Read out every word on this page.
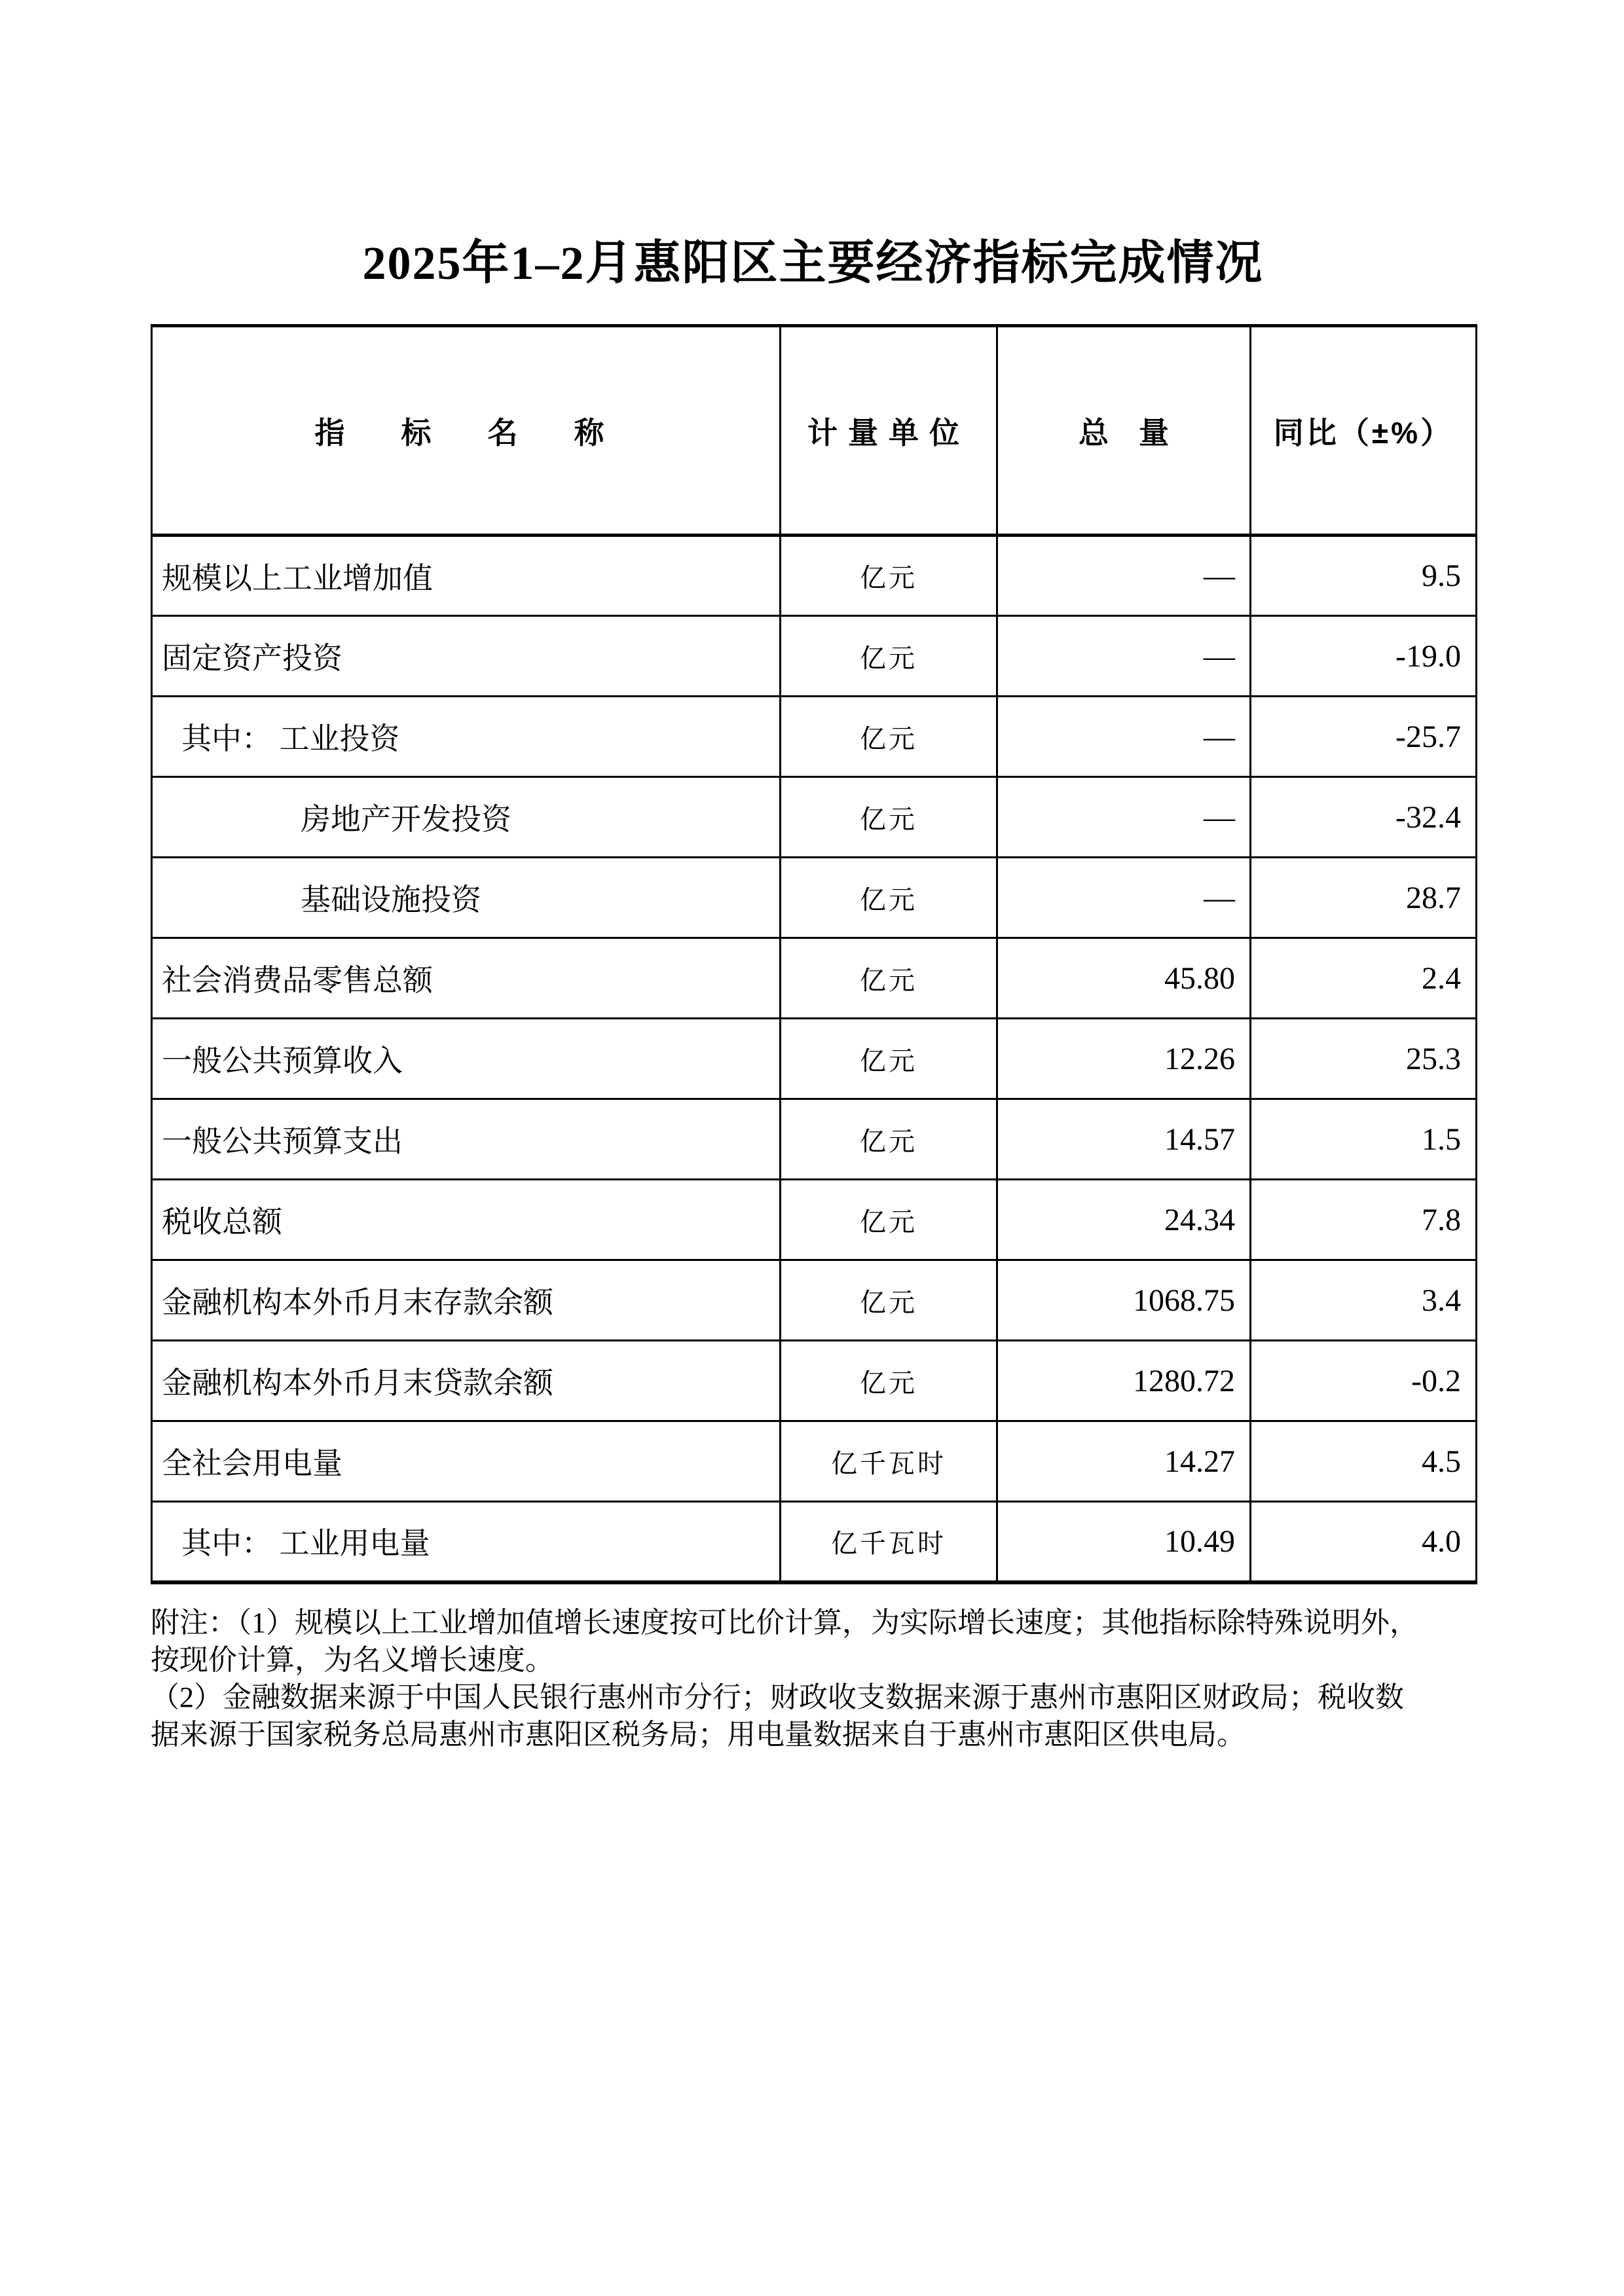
2025年1–2月惠阳区主要经济指标完成情况
指　标　名　称	计量单位	总　量	同比（±%）
规模以上工业增加值	亿元	—	9.5
固定资产投资	亿元	—	-19.0
其中： 工业投资	亿元	—	-25.7
房地产开发投资	亿元	—	-32.4
基础设施投资	亿元	—	28.7
社会消费品零售总额	亿元	45.80	2.4
一般公共预算收入	亿元	12.26	25.3
一般公共预算支出	亿元	14.57	1.5
税收总额	亿元	24.34	7.8
金融机构本外币月末存款余额	亿元	1068.75	3.4
金融机构本外币月末贷款余额	亿元	1280.72	-0.2
全社会用电量	亿千瓦时	14.27	4.5
其中： 工业用电量	亿千瓦时	10.49	4.0

附注：（1）规模以上工业增加值增长速度按可比价计算，为实际增长速度；其他指标除特殊说明外，按现价计算，为名义增长速度。

（2）金融数据来源于中国人民银行惠州市分行；财政收支数据来源于惠州市惠阳区财政局；税收数据来源于国家税务总局惠州市惠阳区税务局；用电量数据来自于惠州市惠阳区供电局。
